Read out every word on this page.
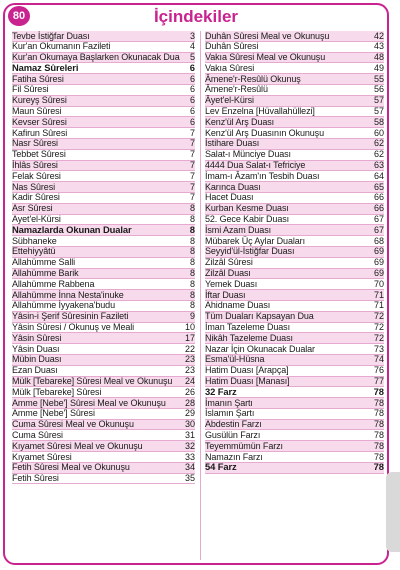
80	İçindekiler
Tevbe İstiğfar Duası	3
Kur'an Okumanın Fazileti	4
Kur'an Okumaya Başlarken Okunacak Dua	5
Namaz Sûreleri	6
Fatiha Sûresi	6
Fil Sûresi	6
Kureyş Sûresi	6
Maun Sûresi	6
Kevser Sûresi	6
Kafirun Sûresi	7
Nasr Sûresi	7
Tebbet Sûresi	7
İhlâs Sûresi	7
Felak Sûresi	7
Nas Sûresi	7
Kadir Sûresi	7
Asr Sûresi	8
Ayet'el-Kürsi	8
Namazlarda Okunan Dualar	8
Sübhaneke	8
Ettehiyyâtü	8
Allahümme Salli	8
Allahümme Barik	8
Allahümme Rabbena	8
Allahümme İnna Nesta'inuke	8
Allahümme İyyakena'budu	8
Yâsin-i Şerif Sûresinin Fazileti	9
Yâsin Sûresi / Okunuş ve Meali	10
Yâsin Sûresi	17
Yâsin Duası	22
Mübin Duası	23
Ezan Duası	23
Mülk [Tebareke] Sûresi Meal ve Okunuşu	24
Mülk [Tebareke] Sûresi	26
Amme [Nebe'] Sûresi Meal ve Okunuşu	28
Amme [Nebe'] Sûresi	29
Cuma Sûresi Meal ve Okunuşu	30
Cuma Sûresi	31
Kıyamet Sûresi Meal ve Okunuşu	32
Kıyamet Sûresi	33
Fetih Sûresi Meal ve Okunuşu	34
Fetih Sûresi	35
Duhân Sûresi Meal ve Okunuşu	42
Duhân Sûresi	43
Vakıa Sûresi Meal ve Okunuşu	48
Vakıa Sûresi	49
Âmene'r-Resûlü Okunuş	55
Âmene'r-Resûlü	56
Âyet'el-Kürsi	57
Lev Enzelna [Hüvallahüllezi]	57
Kenz'ül Arş Duası	58
Kenz'ül Arş Duasının Okunuşu	60
İstihare Duası	62
Salat-ı Münciye Duası	62
4444 Dua Salat-ı Tefriciye	63
İmam-ı Âzam'ın Tesbih Duası	64
Karınca Duası	65
Hacet Duası	66
Kurban Kesme Duası	66
52. Gece Kabir Duası	67
İsmi Azam Duası	67
Mübarek Üç Aylar Duaları	68
Seyyid'ül-İstiğfar Duası	69
Zilzâl Sûresi	69
Zilzâl Duası	69
Yemek Duası	70
İftar Duası	71
Ahidname Duası	71
Tüm Duaları Kapsayan Dua	72
İman Tazeleme Duası	72
Nikâh Tazeleme Duası	72
Nazar İçin Okunacak Dualar	73
Esma'ül-Hüsna	74
Hatim Duası [Arapça]	76
Hatim Duası [Manası]	77
32 Farz	78
İmanın Şartı	78
İslamın Şartı	78
Abdestin Farzı	78
Gusülün Farzı	78
Teyemmümün Farzı	78
Namazın Farzı	78
54 Farz	78
